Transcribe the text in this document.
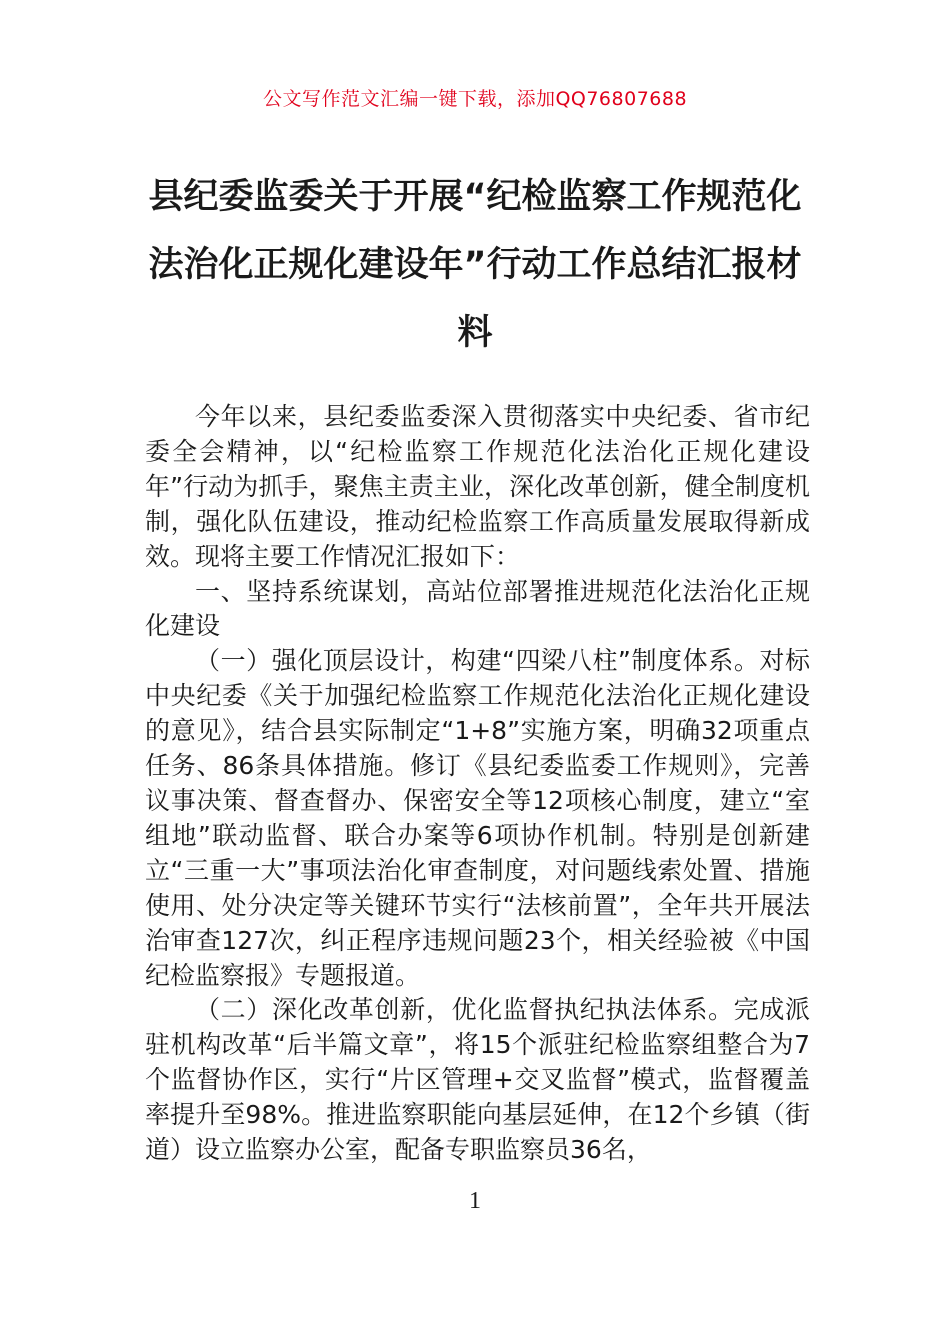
公文写作范文汇编一键下载，添加QQ76807688
县纪委监委关于开展“纪检监察工作规范化法治化正规化建设年”行动工作总结汇报材料

今年以来，县纪委监委深入贯彻落实中央纪委、省市纪委全会精神，以“纪检监察工作规范化法治化正规化建设年”行动为抓手，聚焦主责主业，深化改革创新，健全制度机制，强化队伍建设，推动纪检监察工作高质量发展取得新成效。现将主要工作情况汇报如下：

一、坚持系统谋划，高站位部署推进规范化法治化正规化建设

（一）强化顶层设计，构建“四梁八柱”制度体系。对标中央纪委《关于加强纪检监察工作规范化法治化正规化建设的意见》，结合县实际制定“1+8”实施方案，明确32项重点任务、86条具体措施。修订《县纪委监委工作规则》，完善议事决策、督查督办、保密安全等12项核心制度，建立“室组地”联动监督、联合办案等6项协作机制。特别是创新建立“三重一大”事项法治化审查制度，对问题线索处置、措施使用、处分决定等关键环节实行“法核前置”，全年共开展法治审查127次，纠正程序违规问题23个，相关经验被《中国纪检监察报》专题报道。

（二）深化改革创新，优化监督执纪执法体系。完成派驻机构改革“后半篇文章”，将15个派驻纪检监察组整合为7个监督协作区，实行“片区管理+交叉监督”模式，监督覆盖率提升至98%。推进监察职能向基层延伸，在12个乡镇（街道）设立监察办公室，配备专职监察员36名，

1
